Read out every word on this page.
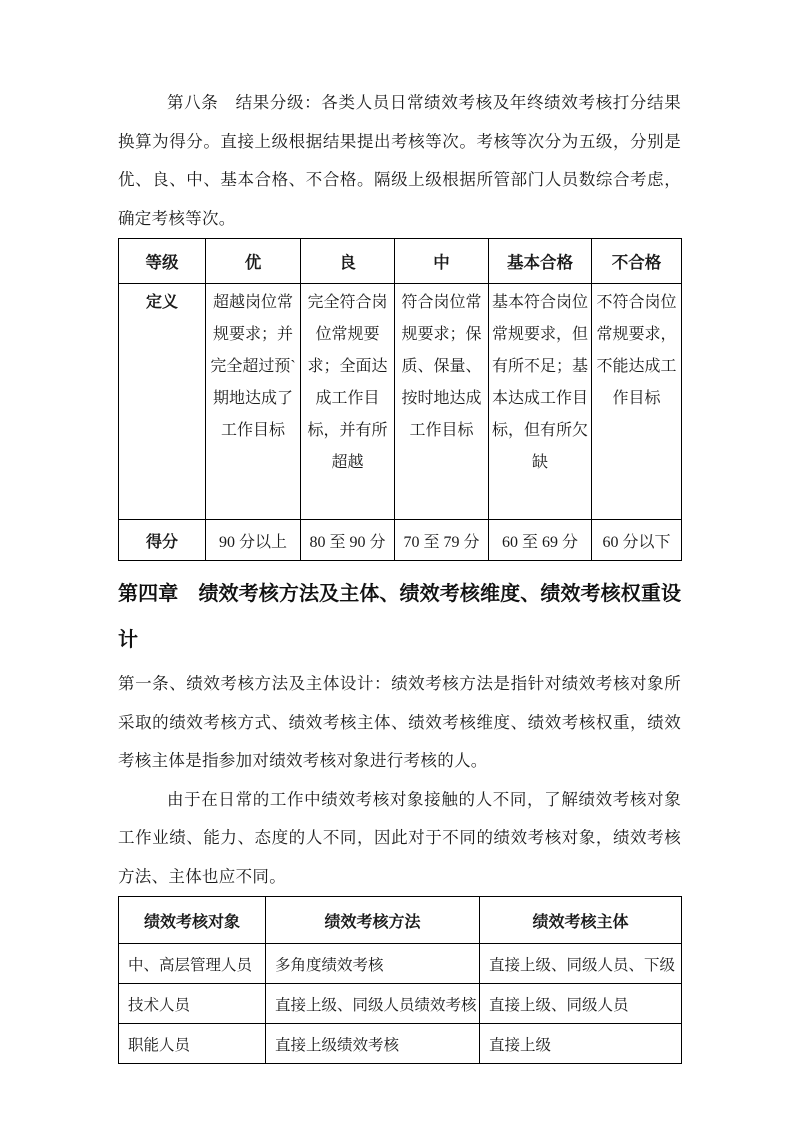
第八条　结果分级：各类人员日常绩效考核及年终绩效考核打分结果换算为得分。直接上级根据结果提出考核等次。考核等次分为五级，分别是优、良、中、基本合格、不合格。隔级上级根据所管部门人员数综合考虑，确定考核等次。

等级	优	良	中	基本合格	不合格
定义	超越岗位常规要求；并完全超过预`期地达成了工作目标	完全符合岗位常规要求；全面达成工作目标，并有所超越	符合岗位常规要求；保质、保量、按时地达成工作目标	基本符合岗位常规要求，但有所不足；基本达成工作目标，但有所欠缺	不符合岗位常规要求，不能达成工作目标
得分	90 分以上	80 至 90 分	70 至 79 分	60 至 69 分	60 分以下
第四章　绩效考核方法及主体、绩效考核维度、绩效考核权重设计

第一条、绩效考核方法及主体设计：绩效考核方法是指针对绩效考核对象所采取的绩效考核方式、绩效考核主体、绩效考核维度、绩效考核权重，绩效考核主体是指参加对绩效考核对象进行考核的人。

由于在日常的工作中绩效考核对象接触的人不同，了解绩效考核对象工作业绩、能力、态度的人不同，因此对于不同的绩效考核对象，绩效考核方法、主体也应不同。

绩效考核对象	绩效考核方法	绩效考核主体
中、高层管理人员	多角度绩效考核	直接上级、同级人员、下级
技术人员	直接上级、同级人员绩效考核	直接上级、同级人员
职能人员	直接上级绩效考核	直接上级
